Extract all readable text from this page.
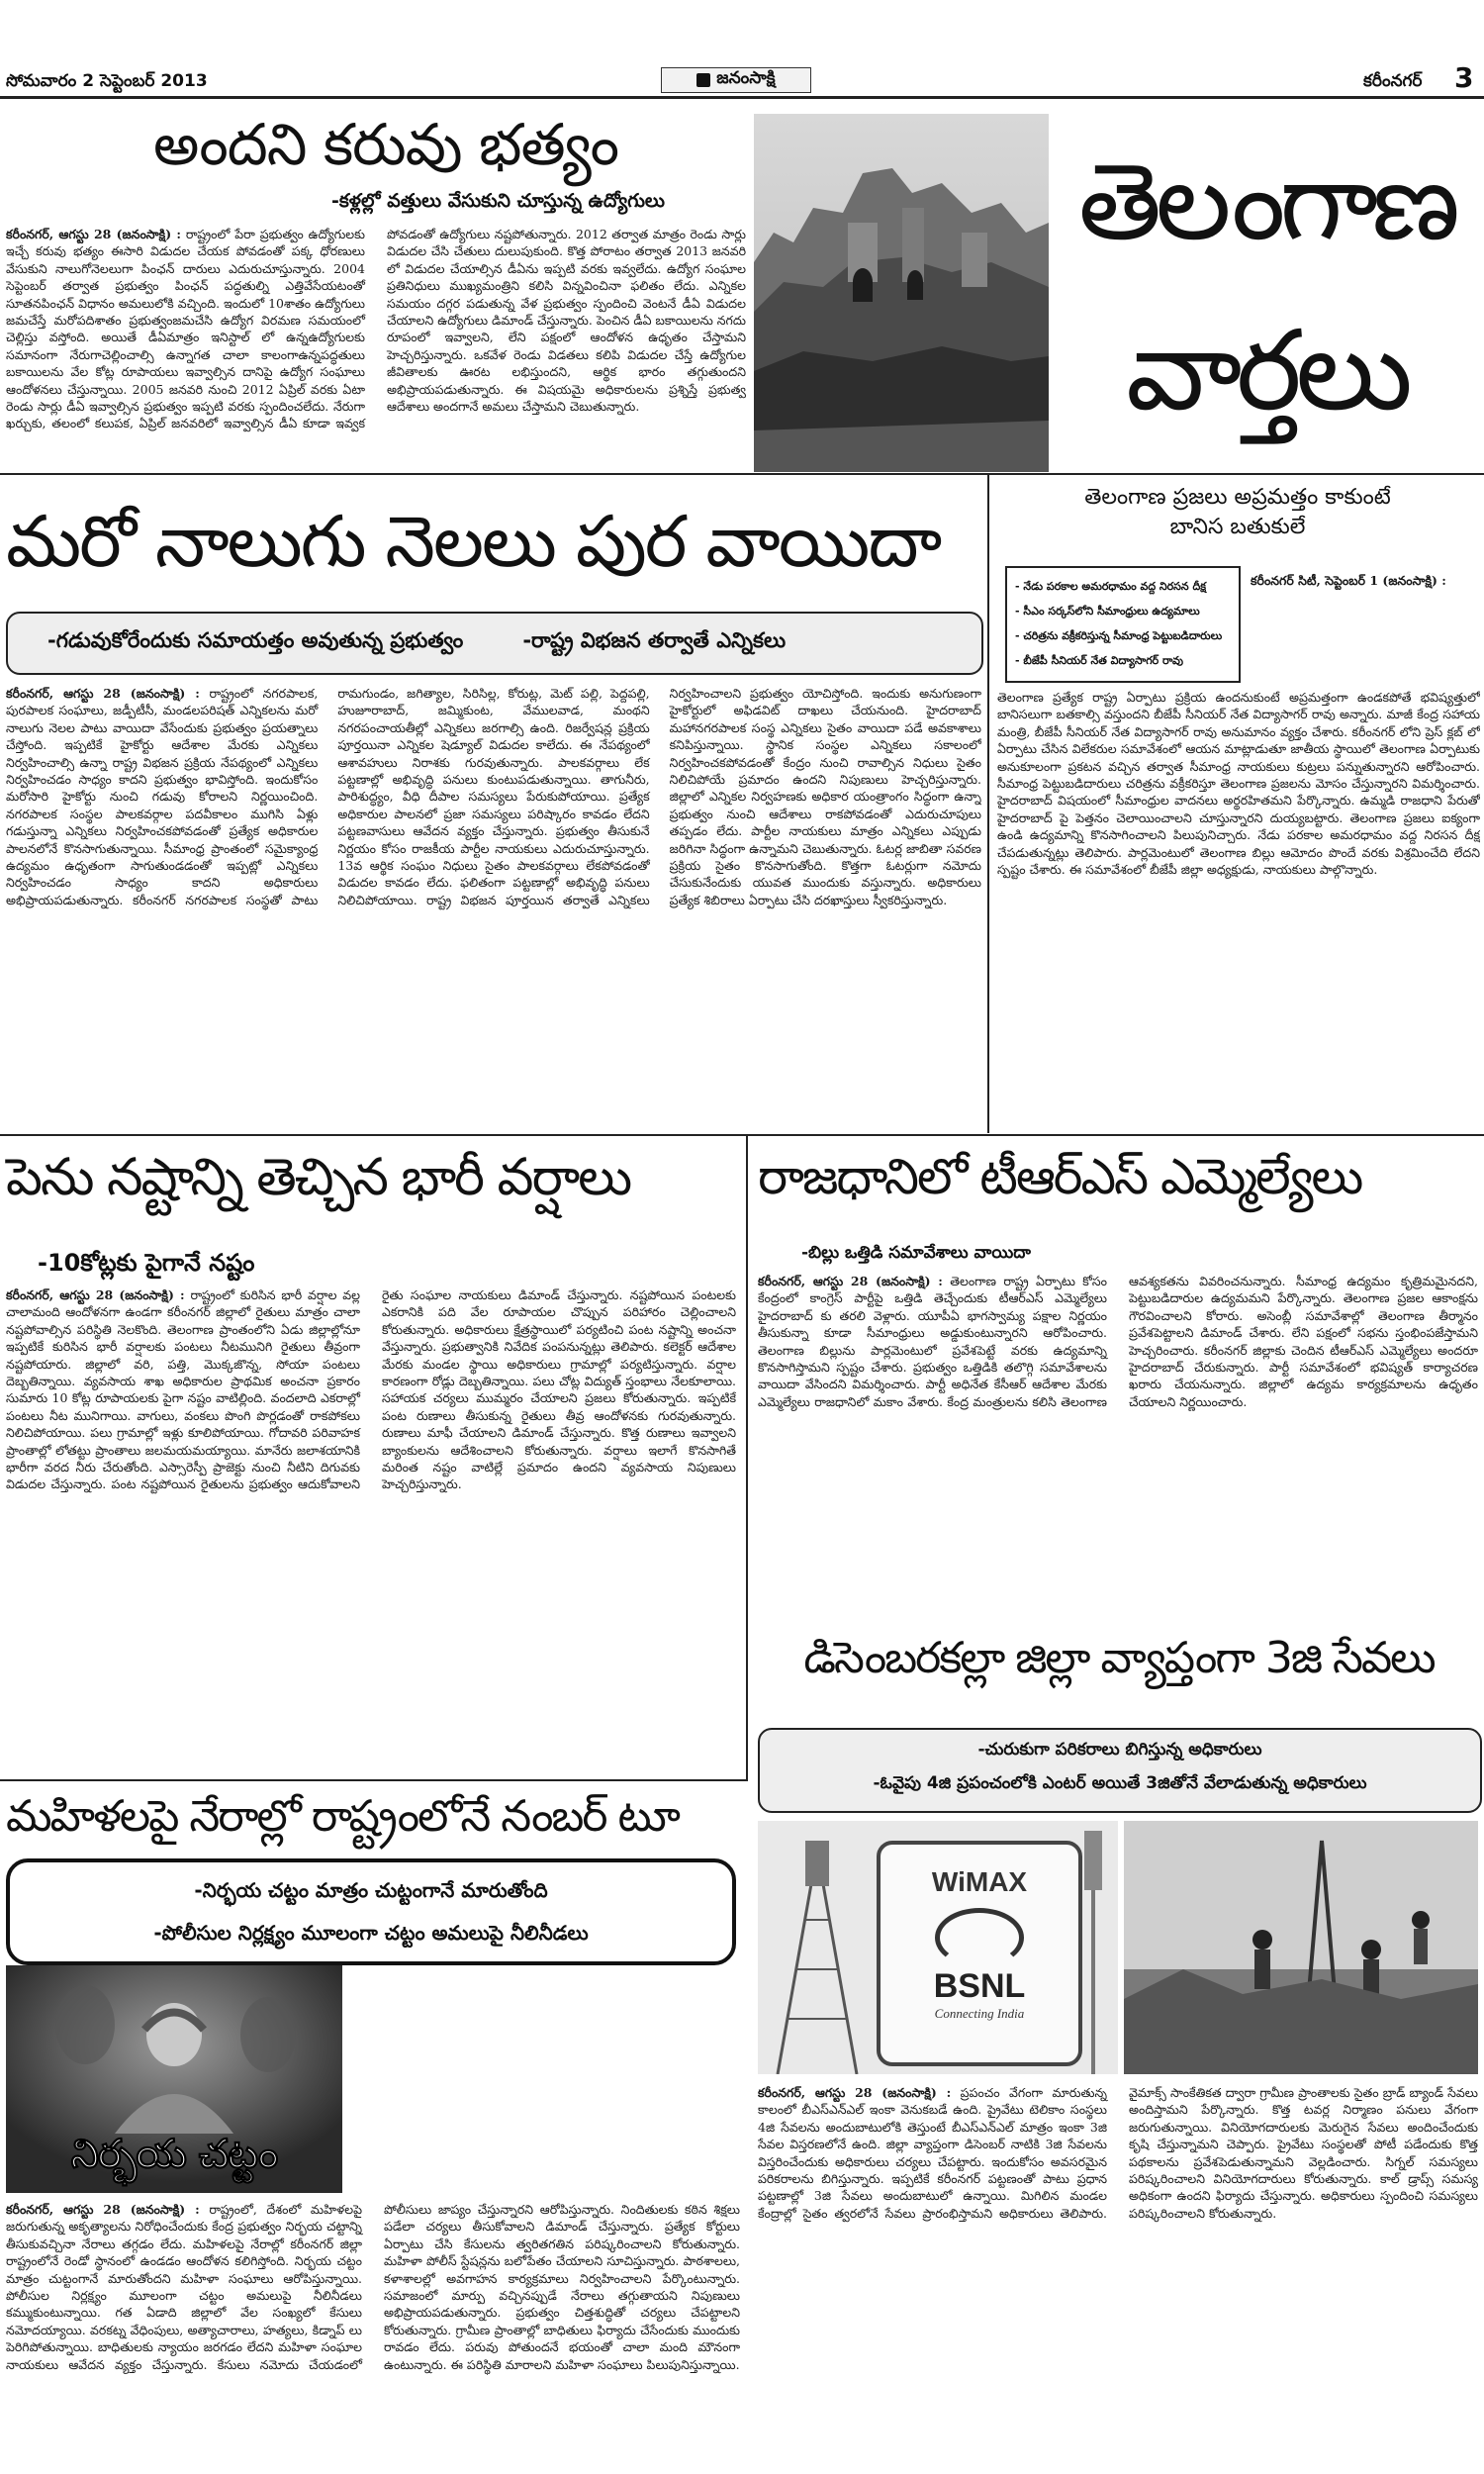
సోమవారం 2 సెప్టెంబర్ 2013	జనంసాక్షి	కరీంనగర్ 3
అందని కరువు భత్యం
-కళ్లల్లో వత్తులు వేసుకుని చూస్తున్న ఉద్యోగులు
కరీంనగర్, ఆగస్టు 28 (జనంసాక్షి) : రాష్ట్రంలో పేరా ప్రభుత్వం ఉద్యోగులకు ఇచ్చే కరువు భత్యం ఈసారి విడుదల చేయక పోవడంతో పక్క ధోరణులు వేసుకుని నాలుగోనెలలుగా పింఛన్ దారులు ఎదురుచూస్తున్నారు. 2004 సెప్టెంబర్ తర్వాత ప్రభుత్వం పింఛన్ పద్ధతుల్ని ఎత్తివేసేయటంతో సూతనపింఛన్ విధానం అమలులోకి వచ్చింది. ఇందులో 10శాతం ఉద్యోగులు జమచేస్తే మరోపదిశాతం ప్రభుత్వంజమచేసి ఉద్యోగ విరమణ సమయంలో చెల్లిస్తు వస్తోంది. అయితే డీఏమాత్రం ఇనిస్టాల్ లో ఉన్నఉద్యోగులకు సమానంగా నేరుగాచెల్లించాల్సి ఉన్నాగత చాలా కాలంగాఉన్నపద్ధతులు బకాయిలను వేల కోట్ల రూపాయలు ఇవ్వాల్సిన దానిపై ఉద్యోగ సంఘాలు ఆందోళనలు చేస్తున్నాయి. 2005 జనవరి నుంచి 2012 ఏప్రిల్ వరకు ఏటా రెండు సార్లు డీఏ ఇవ్వాల్సిన ప్రభుత్వం ఇప్పటి వరకు స్పందించలేదు. నేరుగా ఖర్చుకు, తలంలో కలుపక, ఏప్రిల్ జనవరిలో ఇవ్వాల్సిన డీఏ కూడా ఇవ్వక పోవడంతో ఉద్యోగులు నష్టపోతున్నారు. 2012 తర్వాత మాత్రం రెండు సార్లు విడుదల చేసి చేతులు దులుపుకుంది. కొత్త పోరాటం తర్వాత 2013 జనవరి లో విడుదల చేయాల్సిన డీఏను ఇప్పటి వరకు ఇవ్వలేదు. ఉద్యోగ సంఘాల ప్రతినిధులు ముఖ్యమంత్రిని కలిసి విన్నవించినా ఫలితం లేదు. ఎన్నికల సమయం దగ్గర పడుతున్న వేళ ప్రభుత్వం స్పందించి వెంటనే డీఏ విడుదల చేయాలని ఉద్యోగులు డిమాండ్ చేస్తున్నారు. పెంచిన డీఏ బకాయిలను నగదు రూపంలో ఇవ్వాలని, లేని పక్షంలో ఆందోళన ఉధృతం చేస్తామని హెచ్చరిస్తున్నారు. ఒకవేళ రెండు విడతలు కలిపి విడుదల చేస్తే ఉద్యోగుల జీవితాలకు ఊరట లభిస్తుందని, ఆర్థిక భారం తగ్గుతుందని అభిప్రాయపడుతున్నారు. ఈ విషయమై అధికారులను ప్రశ్నిస్తే ప్రభుత్వ ఆదేశాలు అందగానే అమలు చేస్తామని చెబుతున్నారు.
తెలంగాణ
వార్తలు
మరో నాలుగు నెలలు పుర వాయిదా
-గడువుకోరేందుకు సమాయత్తం అవుతున్న ప్రభుత్వం	-రాష్ట్ర విభజన తర్వాతే ఎన్నికలు
కరీంనగర్, ఆగస్టు 28 (జనంసాక్షి) : రాష్ట్రంలో నగరపాలక, పురపాలక సంఘాలు, జడ్పీటీసీ, మండలపరిషత్ ఎన్నికలను మరో నాలుగు నెలల పాటు వాయిదా వేసేందుకు ప్రభుత్వం ప్రయత్నాలు చేస్తోంది. ఇప్పటికే హైకోర్టు ఆదేశాల మేరకు ఎన్నికలు నిర్వహించాల్సి ఉన్నా రాష్ట్ర విభజన ప్రక్రియ నేపథ్యంలో ఎన్నికలు నిర్వహించడం సాధ్యం కాదని ప్రభుత్వం భావిస్తోంది. ఇందుకోసం మరోసారి హైకోర్టు నుంచి గడువు కోరాలని నిర్ణయించింది. నగరపాలక సంస్థల పాలకవర్గాల పదవీకాలం ముగిసి ఏళ్లు గడుస్తున్నా ఎన్నికలు నిర్వహించకపోవడంతో ప్రత్యేక అధికారుల పాలనలోనే కొనసాగుతున్నాయి. సీమాంధ్ర ప్రాంతంలో సమైక్యాంధ్ర ఉద్యమం ఉధృతంగా సాగుతుండడంతో ఇప్పట్లో ఎన్నికలు నిర్వహించడం సాధ్యం కాదని అధికారులు అభిప్రాయపడుతున్నారు. కరీంనగర్ నగరపాలక సంస్థతో పాటు రామగుండం, జగిత్యాల, సిరిసిల్ల, కోరుట్ల, మెట్ పల్లి, పెద్దపల్లి, హుజూరాబాద్, జమ్మికుంట, వేములవాడ, మంథని నగరపంచాయతీల్లో ఎన్నికలు జరగాల్సి ఉంది. రిజర్వేషన్ల ప్రక్రియ పూర్తయినా ఎన్నికల షెడ్యూల్ విడుదల కాలేదు. ఈ నేపథ్యంలో ఆశావహులు నిరాశకు గురవుతున్నారు. పాలకవర్గాలు లేక పట్టణాల్లో అభివృద్ధి పనులు కుంటుపడుతున్నాయి. తాగునీరు, పారిశుద్ధ్యం, వీధి దీపాల సమస్యలు పేరుకుపోయాయి. ప్రత్యేక అధికారుల పాలనలో ప్రజా సమస్యలు పరిష్కారం కావడం లేదని పట్టణవాసులు ఆవేదన వ్యక్తం చేస్తున్నారు. ప్రభుత్వం తీసుకునే నిర్ణయం కోసం రాజకీయ పార్టీల నాయకులు ఎదురుచూస్తున్నారు. 13వ ఆర్థిక సంఘం నిధులు సైతం పాలకవర్గాలు లేకపోవడంతో విడుదల కావడం లేదు. ఫలితంగా పట్టణాల్లో అభివృద్ధి పనులు నిలిచిపోయాయి. రాష్ట్ర విభజన పూర్తయిన తర్వాతే ఎన్నికలు నిర్వహించాలని ప్రభుత్వం యోచిస్తోంది. ఇందుకు అనుగుణంగా హైకోర్టులో అఫిడవిట్ దాఖలు చేయనుంది. హైదరాబాద్ మహానగరపాలక సంస్థ ఎన్నికలు సైతం వాయిదా పడే అవకాశాలు కనిపిస్తున్నాయి. స్థానిక సంస్థల ఎన్నికలు సకాలంలో నిర్వహించకపోవడంతో కేంద్రం నుంచి రావాల్సిన నిధులు సైతం నిలిచిపోయే ప్రమాదం ఉందని నిపుణులు హెచ్చరిస్తున్నారు. జిల్లాలో ఎన్నికల నిర్వహణకు అధికార యంత్రాంగం సిద్ధంగా ఉన్నా ప్రభుత్వం నుంచి ఆదేశాలు రాకపోవడంతో ఎదురుచూపులు తప్పడం లేదు. పార్టీల నాయకులు మాత్రం ఎన్నికలు ఎప్పుడు జరిగినా సిద్ధంగా ఉన్నామని చెబుతున్నారు. ఓటర్ల జాబితా సవరణ ప్రక్రియ సైతం కొనసాగుతోంది. కొత్తగా ఓటర్లుగా నమోదు చేసుకునేందుకు యువత ముందుకు వస్తున్నారు. అధికారులు ప్రత్యేక శిబిరాలు ఏర్పాటు చేసి దరఖాస్తులు స్వీకరిస్తున్నారు.
తెలంగాణ ప్రజలు అప్రమత్తం కాకుంటే
బానిస బతుకులే
- నేడు పరకాల అమరధామం వద్ద నిరసన దీక్ష
- సీఎం సర్కస్‌లోని సీమాంధ్రులు ఉద్యమాలు
- చరిత్రను వక్రీకరిస్తున్న సీమాంధ్ర పెట్టుబడిదారులు
- బీజేపీ సీనియర్ నేత విద్యాసాగర్ రావు
కరీంనగర్ సిటీ, సెప్టెంబర్ 1 (జనంసాక్షి) :
తెలంగాణ ప్రత్యేక రాష్ట్ర ఏర్పాటు ప్రక్రియ ఉందనుకుంటే అప్రమత్తంగా ఉండకపోతే భవిష్యత్తులో బానిసలుగా బతకాల్సి వస్తుందని బీజేపీ సీనియర్ నేత విద్యాసాగర్ రావు అన్నారు. మాజీ కేంద్ర సహాయ మంత్రి, బీజేపీ సీనియర్ నేత విద్యాసాగర్ రావు అనుమానం వ్యక్తం చేశారు. కరీంనగర్ లోని ప్రెస్ క్లబ్ లో ఏర్పాటు చేసిన విలేకరుల సమావేశంలో ఆయన మాట్లాడుతూ జాతీయ స్థాయిలో తెలంగాణ ఏర్పాటుకు అనుకూలంగా ప్రకటన వచ్చిన తర్వాత సీమాంధ్ర నాయకులు కుట్రలు పన్నుతున్నారని ఆరోపించారు. సీమాంధ్ర పెట్టుబడిదారులు చరిత్రను వక్రీకరిస్తూ తెలంగాణ ప్రజలను మోసం చేస్తున్నారని విమర్శించారు. హైదరాబాద్ విషయంలో సీమాంధ్రుల వాదనలు అర్థరహితమని పేర్కొన్నారు. ఉమ్మడి రాజధాని పేరుతో హైదరాబాద్ పై పెత్తనం చెలాయించాలని చూస్తున్నారని దుయ్యబట్టారు. తెలంగాణ ప్రజలు ఐక్యంగా ఉండి ఉద్యమాన్ని కొనసాగించాలని పిలుపునిచ్చారు. నేడు పరకాల అమరధామం వద్ద నిరసన దీక్ష చేపడుతున్నట్లు తెలిపారు. పార్లమెంటులో తెలంగాణ బిల్లు ఆమోదం పొందే వరకు విశ్రమించేది లేదని స్పష్టం చేశారు. ఈ సమావేశంలో బీజేపీ జిల్లా అధ్యక్షుడు, నాయకులు పాల్గొన్నారు.
పెను నష్టాన్ని తెచ్చిన భారీ వర్షాలు
-10కోట్లకు పైగానే నష్టం
కరీంనగర్, ఆగస్టు 28 (జనంసాక్షి) : రాష్ట్రంలో కురిసిన భారీ వర్షాల వల్ల చాలామంది ఆందోళనగా ఉండగా కరీంనగర్ జిల్లాలో రైతులు మాత్రం చాలా నష్టపోవాల్సిన పరిస్థితి నెలకొంది. తెలంగాణ ప్రాంతంలోని ఏడు జిల్లాల్లోనూ ఇప్పటికే కురిసిన భారీ వర్షాలకు పంటలు నీటమునిగి రైతులు తీవ్రంగా నష్టపోయారు. జిల్లాలో వరి, పత్తి, మొక్కజొన్న, సోయా పంటలు దెబ్బతిన్నాయి. వ్యవసాయ శాఖ అధికారుల ప్రాథమిక అంచనా ప్రకారం సుమారు 10 కోట్ల రూపాయలకు పైగా నష్టం వాటిల్లింది. వందలాది ఎకరాల్లో పంటలు నీట మునిగాయి. వాగులు, వంకలు పొంగి పొర్లడంతో రాకపోకలు నిలిచిపోయాయి. పలు గ్రామాల్లో ఇళ్లు కూలిపోయాయి. గోదావరి పరివాహక ప్రాంతాల్లో లోతట్టు ప్రాంతాలు జలమయమయ్యాయి. మానేరు జలాశయానికి భారీగా వరద నీరు చేరుతోంది. ఎస్సారెస్పీ ప్రాజెక్టు నుంచి నీటిని దిగువకు విడుదల చేస్తున్నారు. పంట నష్టపోయిన రైతులను ప్రభుత్వం ఆదుకోవాలని రైతు సంఘాల నాయకులు డిమాండ్ చేస్తున్నారు. నష్టపోయిన పంటలకు ఎకరానికి పది వేల రూపాయల చొప్పున పరిహారం చెల్లించాలని కోరుతున్నారు. అధికారులు క్షేత్రస్థాయిలో పర్యటించి పంట నష్టాన్ని అంచనా వేస్తున్నారు. ప్రభుత్వానికి నివేదిక పంపనున్నట్లు తెలిపారు. కలెక్టర్ ఆదేశాల మేరకు మండల స్థాయి అధికారులు గ్రామాల్లో పర్యటిస్తున్నారు. వర్షాల కారణంగా రోడ్లు దెబ్బతిన్నాయి. పలు చోట్ల విద్యుత్ స్తంభాలు నేలకూలాయి. సహాయక చర్యలు ముమ్మరం చేయాలని ప్రజలు కోరుతున్నారు. ఇప్పటికే పంట రుణాలు తీసుకున్న రైతులు తీవ్ర ఆందోళనకు గురవుతున్నారు. రుణాలు మాఫీ చేయాలని డిమాండ్ చేస్తున్నారు. కొత్త రుణాలు ఇవ్వాలని బ్యాంకులను ఆదేశించాలని కోరుతున్నారు. వర్షాలు ఇలాగే కొనసాగితే మరింత నష్టం వాటిల్లే ప్రమాదం ఉందని వ్యవసాయ నిపుణులు హెచ్చరిస్తున్నారు.
రాజధానిలో టీఆర్ఎస్ ఎమ్మెల్యేలు
-బిల్లు ఒత్తిడి సమావేశాలు వాయిదా
కరీంనగర్, ఆగస్టు 28 (జనంసాక్షి) : తెలంగాణ రాష్ట్ర ఏర్పాటు కోసం కేంద్రంలో కాంగ్రెస్ పార్టీపై ఒత్తిడి తెచ్చేందుకు టీఆర్ఎస్ ఎమ్మెల్యేలు హైదరాబాద్ కు తరలి వెళ్లారు. యూపీఏ భాగస్వామ్య పక్షాల నిర్ణయం తీసుకున్నా కూడా సీమాంధ్రులు అడ్డుకుంటున్నారని ఆరోపించారు. తెలంగాణ బిల్లును పార్లమెంటులో ప్రవేశపెట్టే వరకు ఉద్యమాన్ని కొనసాగిస్తామని స్పష్టం చేశారు. ప్రభుత్వం ఒత్తిడికి తలొగ్గి సమావేశాలను వాయిదా వేసిందని విమర్శించారు. పార్టీ అధినేత కేసీఆర్ ఆదేశాల మేరకు ఎమ్మెల్యేలు రాజధానిలో మకాం వేశారు. కేంద్ర మంత్రులను కలిసి తెలంగాణ ఆవశ్యకతను వివరించనున్నారు. సీమాంధ్ర ఉద్యమం కృత్రిమమైనదని, పెట్టుబడిదారుల ఉద్యమమని పేర్కొన్నారు. తెలంగాణ ప్రజల ఆకాంక్షను గౌరవించాలని కోరారు. అసెంబ్లీ సమావేశాల్లో తెలంగాణ తీర్మానం ప్రవేశపెట్టాలని డిమాండ్ చేశారు. లేని పక్షంలో సభను స్తంభింపజేస్తామని హెచ్చరించారు. కరీంనగర్ జిల్లాకు చెందిన టీఆర్ఎస్ ఎమ్మెల్యేలు అందరూ హైదరాబాద్ చేరుకున్నారు. పార్టీ సమావేశంలో భవిష్యత్ కార్యాచరణ ఖరారు చేయనున్నారు. జిల్లాలో ఉద్యమ కార్యక్రమాలను ఉధృతం చేయాలని నిర్ణయించారు.
డిసెంబరకల్లా జిల్లా వ్యాప్తంగా 3జి సేవలు
-చురుకుగా పరికరాలు బిగిస్తున్న అధికారులు
-ఓవైపు 4జి ప్రపంచంలోకి ఎంటర్ అయితే 3జితోనే వేలాడుతున్న అధికారులు
WiMAX
BSNL
Connecting India
కరీంనగర్, ఆగస్టు 28 (జనంసాక్షి) : ప్రపంచం వేగంగా మారుతున్న కాలంలో బీఎస్ఎన్ఎల్ ఇంకా వెనుకబడే ఉంది. ప్రైవేటు టెలికాం సంస్థలు 4జి సేవలను అందుబాటులోకి తెస్తుంటే బీఎస్ఎన్ఎల్ మాత్రం ఇంకా 3జి సేవల విస్తరణలోనే ఉంది. జిల్లా వ్యాప్తంగా డిసెంబర్ నాటికి 3జి సేవలను విస్తరించేందుకు అధికారులు చర్యలు చేపట్టారు. ఇందుకోసం అవసరమైన పరికరాలను బిగిస్తున్నారు. ఇప్పటికే కరీంనగర్ పట్టణంతో పాటు ప్రధాన పట్టణాల్లో 3జి సేవలు అందుబాటులో ఉన్నాయి. మిగిలిన మండల కేంద్రాల్లో సైతం త్వరలోనే సేవలు ప్రారంభిస్తామని అధికారులు తెలిపారు. వైమాక్స్ సాంకేతికత ద్వారా గ్రామీణ ప్రాంతాలకు సైతం బ్రాడ్ బ్యాండ్ సేవలు అందిస్తామని పేర్కొన్నారు. కొత్త టవర్ల నిర్మాణం పనులు వేగంగా జరుగుతున్నాయి. వినియోగదారులకు మెరుగైన సేవలు అందించేందుకు కృషి చేస్తున్నామని చెప్పారు. ప్రైవేటు సంస్థలతో పోటీ పడేందుకు కొత్త పథకాలను ప్రవేశపెడుతున్నామని వెల్లడించారు. సిగ్నల్ సమస్యలు పరిష్కరించాలని వినియోగదారులు కోరుతున్నారు. కాల్ డ్రాప్స్ సమస్య అధికంగా ఉందని ఫిర్యాదు చేస్తున్నారు. అధికారులు స్పందించి సమస్యలు పరిష్కరించాలని కోరుతున్నారు.
మహిళలపై నేరాల్లో రాష్ట్రంలోనే నంబర్ టూ
-నిర్భయ చట్టం మాత్రం చుట్టంగానే మారుతోంది
-పోలీసుల నిర్లక్ష్యం మూలంగా చట్టం అమలుపై నీలినీడలు
నిర్భయ చట్టం
కరీంనగర్, ఆగస్టు 28 (జనంసాక్షి) : రాష్ట్రంలో, దేశంలో మహిళలపై జరుగుతున్న అకృత్యాలను నిరోధించేందుకు కేంద్ర ప్రభుత్వం నిర్భయ చట్టాన్ని తీసుకువచ్చినా నేరాలు తగ్గడం లేదు. మహిళలపై నేరాల్లో కరీంనగర్ జిల్లా రాష్ట్రంలోనే రెండో స్థానంలో ఉండడం ఆందోళన కలిగిస్తోంది. నిర్భయ చట్టం మాత్రం చుట్టంగానే మారుతోందని మహిళా సంఘాలు ఆరోపిస్తున్నాయి. పోలీసుల నిర్లక్ష్యం మూలంగా చట్టం అమలుపై నీలినీడలు కమ్ముకుంటున్నాయి. గత ఏడాది జిల్లాలో వేల సంఖ్యలో కేసులు నమోదయ్యాయి. వరకట్న వేధింపులు, అత్యాచారాలు, హత్యలు, కిడ్నాప్ లు పెరిగిపోతున్నాయి. బాధితులకు న్యాయం జరగడం లేదని మహిళా సంఘాల నాయకులు ఆవేదన వ్యక్తం చేస్తున్నారు. కేసులు నమోదు చేయడంలో పోలీసులు జాప్యం చేస్తున్నారని ఆరోపిస్తున్నారు. నిందితులకు కఠిన శిక్షలు పడేలా చర్యలు తీసుకోవాలని డిమాండ్ చేస్తున్నారు. ప్రత్యేక కోర్టులు ఏర్పాటు చేసి కేసులను త్వరితగతిన పరిష్కరించాలని కోరుతున్నారు. మహిళా పోలీస్ స్టేషన్లను బలోపేతం చేయాలని సూచిస్తున్నారు. పాఠశాలలు, కళాశాలల్లో అవగాహన కార్యక్రమాలు నిర్వహించాలని పేర్కొంటున్నారు. సమాజంలో మార్పు వచ్చినప్పుడే నేరాలు తగ్గుతాయని నిపుణులు అభిప్రాయపడుతున్నారు. ప్రభుత్వం చిత్తశుద్ధితో చర్యలు చేపట్టాలని కోరుతున్నారు. గ్రామీణ ప్రాంతాల్లో బాధితులు ఫిర్యాదు చేసేందుకు ముందుకు రావడం లేదు. పరువు పోతుందనే భయంతో చాలా మంది మౌనంగా ఉంటున్నారు. ఈ పరిస్థితి మారాలని మహిళా సంఘాలు పిలుపునిస్తున్నాయి.
